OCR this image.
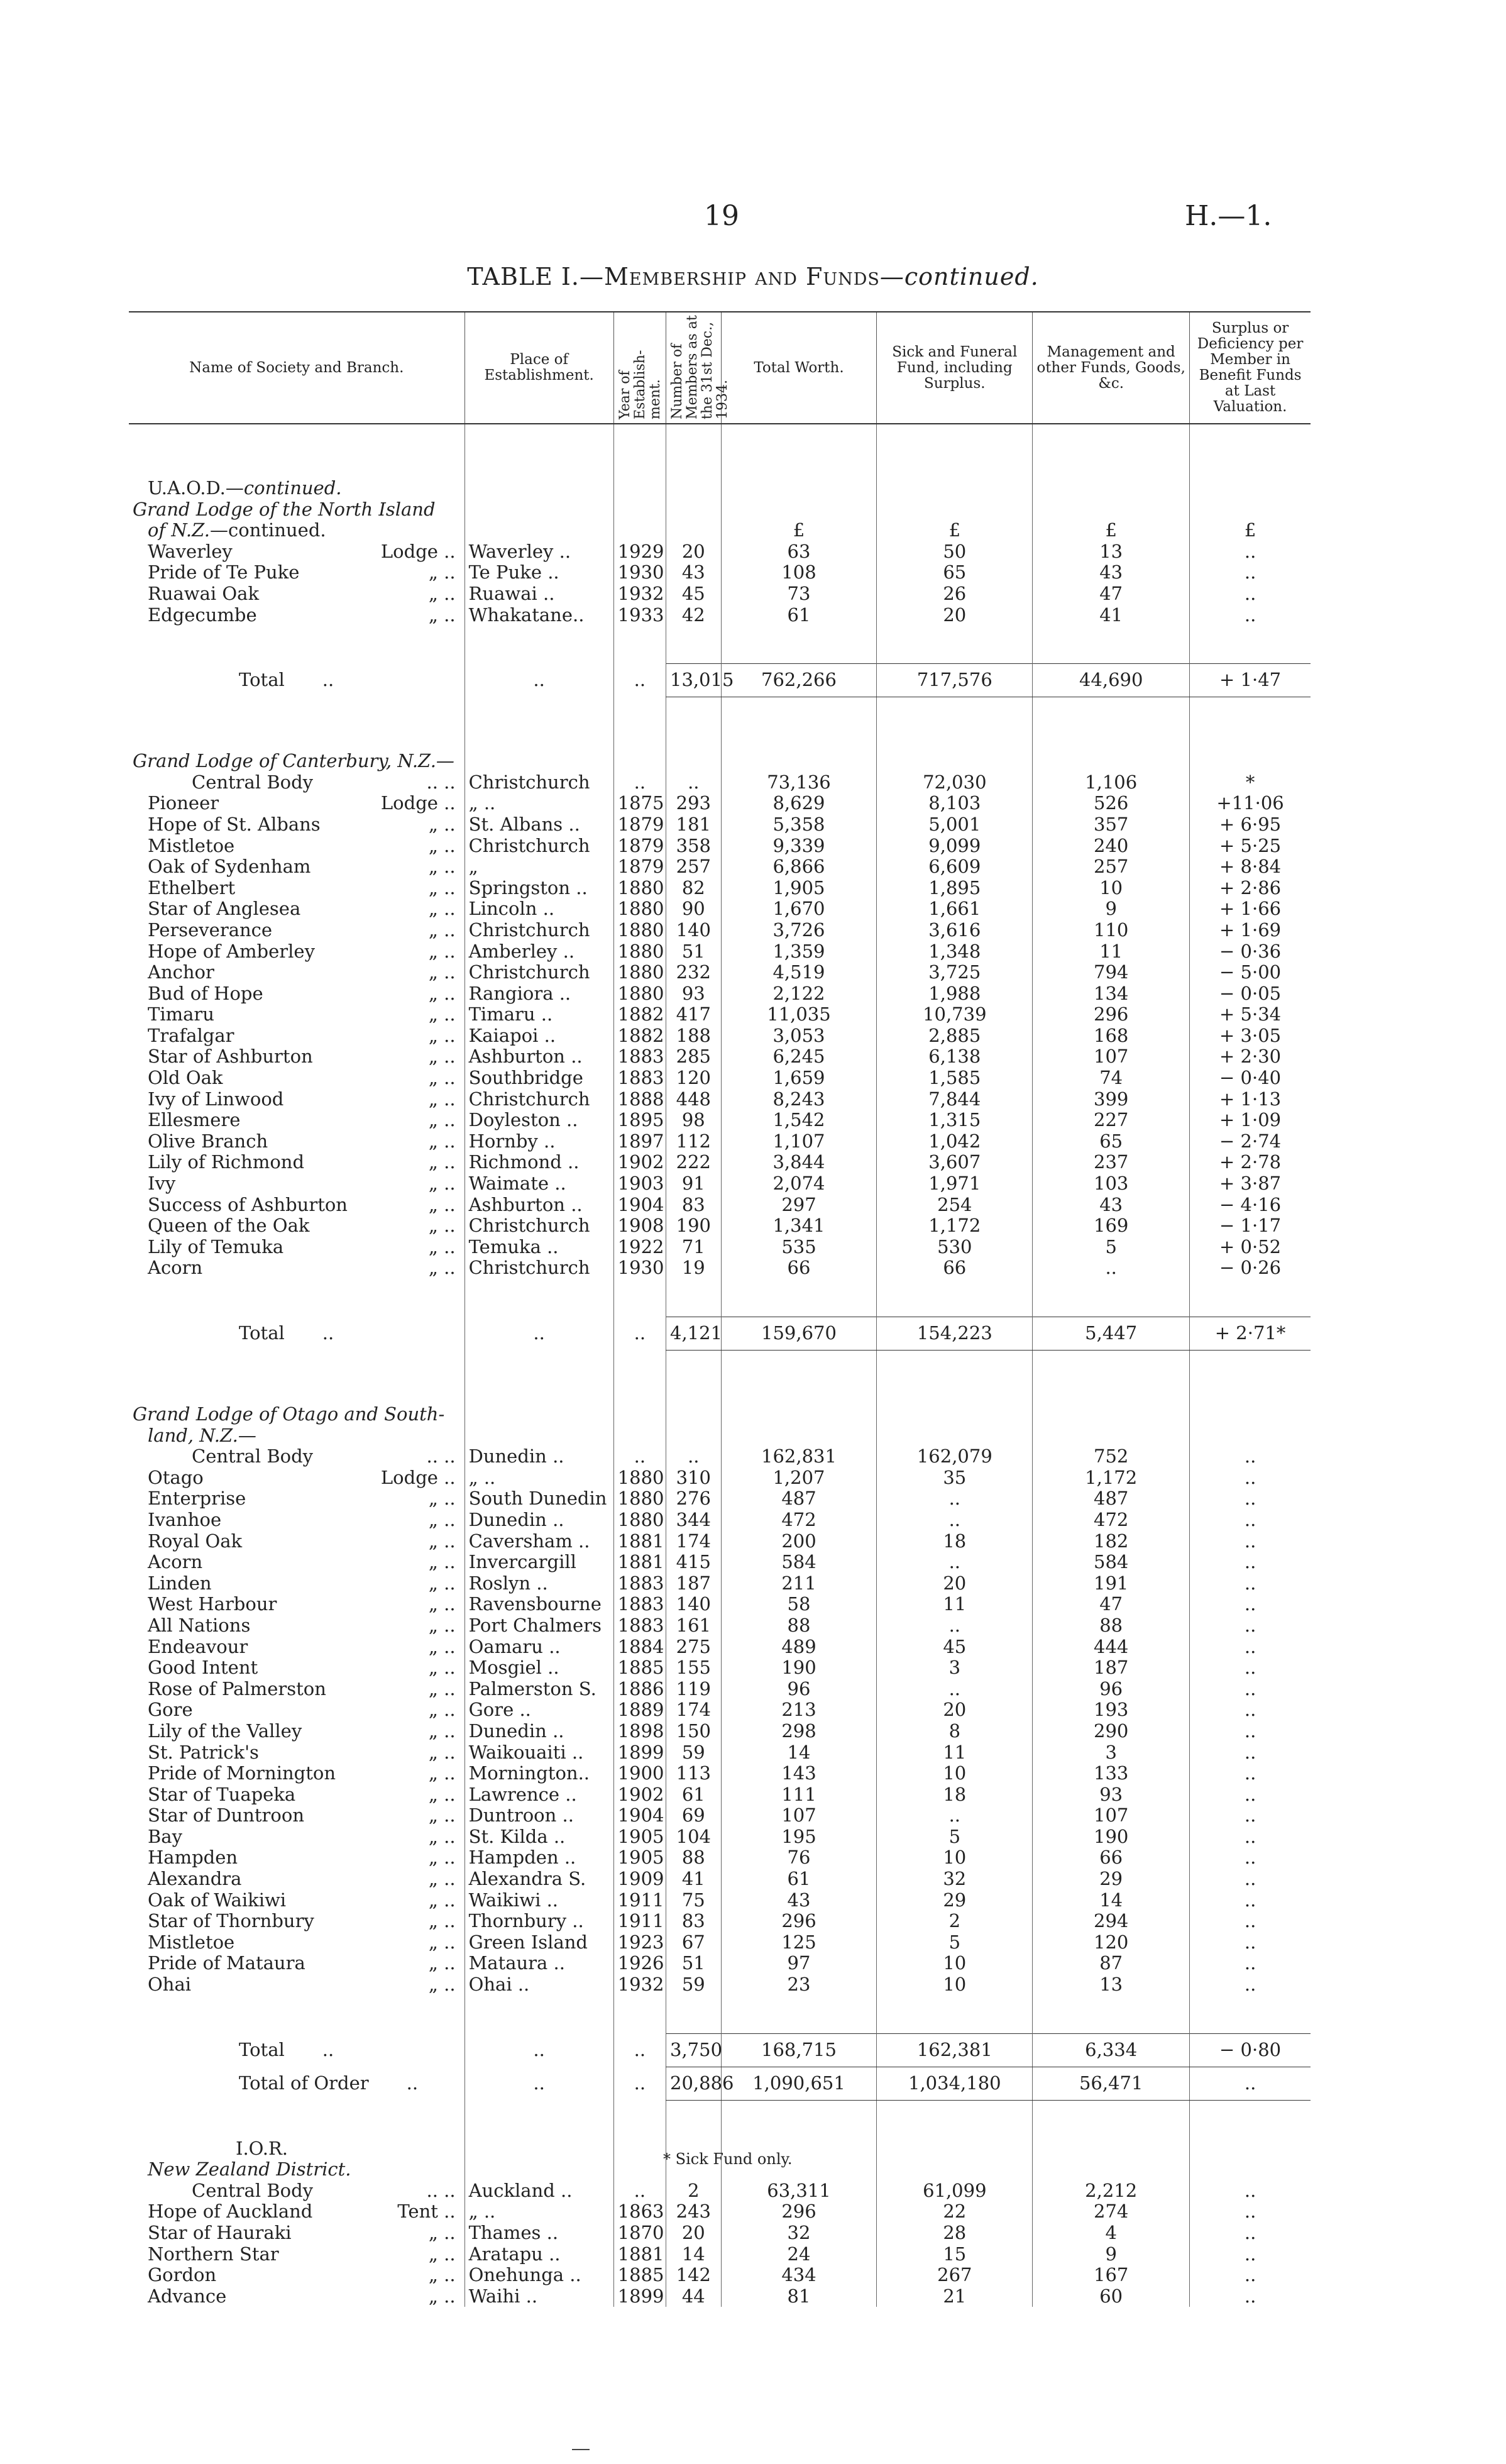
19	H.—1.
TABLE I.—Membership and Funds—continued.
Name of Society and Branch.	Place of Establishment.	Year of Establish-ment.	Number of Members as at the 31st Dec., 1934.	Total Worth.	Sick and Funeral Fund, including Surplus.	Management and other Funds, Goods, &c.	Surplus or Deficiency per Member in Benefit Funds at Last Valuation.

U.A.O.D.—continued.							
Grand Lodge of the North Island							
of N.Z.—continued.				£	£	£	£

Waverley Lodge ..	Waverley ..	1929	20	63	50	13	..

Pride of Te Puke „ ..	Te Puke ..	1930	43	108	65	43	..

Ruawai Oak „ ..	Ruawai ..	1932	45	73	26	47	..

Edgecumbe „ ..	Whakatane..	1933	42	61	20	41	..

Total ..	..	..	13,015	762,266	717,576	44,690	+ 1·47

Grand Lodge of Canterbury, N.Z.—							

Central Body .. ..	Christchurch	..	..	73,136	72,030	1,106	*

Pioneer Lodge ..	„ ..	1875	293	8,629	8,103	526	+11·06

Hope of St. Albans „ ..	St. Albans ..	1879	181	5,358	5,001	357	+ 6·95

Mistletoe „ ..	Christchurch	1879	358	9,339	9,099	240	+ 5·25

Oak of Sydenham „ ..	„	1879	257	6,866	6,609	257	+ 8·84

Ethelbert „ ..	Springston ..	1880	82	1,905	1,895	10	+ 2·86

Star of Anglesea „ ..	Lincoln ..	1880	90	1,670	1,661	9	+ 1·66

Perseverance „ ..	Christchurch	1880	140	3,726	3,616	110	+ 1·69

Hope of Amberley „ ..	Amberley ..	1880	51	1,359	1,348	11	− 0·36

Anchor „ ..	Christchurch	1880	232	4,519	3,725	794	− 5·00

Bud of Hope „ ..	Rangiora ..	1880	93	2,122	1,988	134	− 0·05

Timaru „ ..	Timaru ..	1882	417	11,035	10,739	296	+ 5·34

Trafalgar „ ..	Kaiapoi ..	1882	188	3,053	2,885	168	+ 3·05

Star of Ashburton „ ..	Ashburton ..	1883	285	6,245	6,138	107	+ 2·30

Old Oak „ ..	Southbridge	1883	120	1,659	1,585	74	− 0·40

Ivy of Linwood „ ..	Christchurch	1888	448	8,243	7,844	399	+ 1·13

Ellesmere „ ..	Doyleston ..	1895	98	1,542	1,315	227	+ 1·09

Olive Branch „ ..	Hornby ..	1897	112	1,107	1,042	65	− 2·74

Lily of Richmond „ ..	Richmond ..	1902	222	3,844	3,607	237	+ 2·78

Ivy „ ..	Waimate ..	1903	91	2,074	1,971	103	+ 3·87

Success of Ashburton „ ..	Ashburton ..	1904	83	297	254	43	− 4·16

Queen of the Oak „ ..	Christchurch	1908	190	1,341	1,172	169	− 1·17

Lily of Temuka „ ..	Temuka ..	1922	71	535	530	5	+ 0·52

Acorn „ ..	Christchurch	1930	19	66	66	..	− 0·26

Total ..	..	..	4,121	159,670	154,223	5,447	+ 2·71*

Grand Lodge of Otago and South-							
land, N.Z.—							

Central Body .. ..	Dunedin ..	..	..	162,831	162,079	752	..

Otago Lodge ..	„ ..	1880	310	1,207	35	1,172	..

Enterprise „ ..	South Dunedin	1880	276	487	..	487	..

Ivanhoe „ ..	Dunedin ..	1880	344	472	..	472	..

Royal Oak „ ..	Caversham ..	1881	174	200	18	182	..

Acorn „ ..	Invercargill	1881	415	584	..	584	..

Linden „ ..	Roslyn ..	1883	187	211	20	191	..

West Harbour „ ..	Ravensbourne	1883	140	58	11	47	..

All Nations „ ..	Port Chalmers	1883	161	88	..	88	..

Endeavour „ ..	Oamaru ..	1884	275	489	45	444	..

Good Intent „ ..	Mosgiel ..	1885	155	190	3	187	..

Rose of Palmerston „ ..	Palmerston S.	1886	119	96	..	96	..

Gore „ ..	Gore ..	1889	174	213	20	193	..

Lily of the Valley „ ..	Dunedin ..	1898	150	298	8	290	..

St. Patrick's „ ..	Waikouaiti ..	1899	59	14	11	3	..

Pride of Mornington „ ..	Mornington..	1900	113	143	10	133	..

Star of Tuapeka „ ..	Lawrence ..	1902	61	111	18	93	..

Star of Duntroon „ ..	Duntroon ..	1904	69	107	..	107	..

Bay „ ..	St. Kilda ..	1905	104	195	5	190	..

Hampden „ ..	Hampden ..	1905	88	76	10	66	..

Alexandra „ ..	Alexandra S.	1909	41	61	32	29	..

Oak of Waikiwi „ ..	Waikiwi ..	1911	75	43	29	14	..

Star of Thornbury „ ..	Thornbury ..	1911	83	296	2	294	..

Mistletoe „ ..	Green Island	1923	67	125	5	120	..

Pride of Mataura „ ..	Mataura ..	1926	51	97	10	87	..

Ohai „ ..	Ohai ..	1932	59	23	10	13	..

Total ..	..	..	3,750	168,715	162,381	6,334	− 0·80
Total of Order ..	..	..	20,886	1,090,651	1,034,180	56,471	..

I.O.R.							
New Zealand District.							

Central Body .. ..	Auckland ..	..	2	63,311	61,099	2,212	..

Hope of Auckland Tent ..	„ ..	1863	243	296	22	274	..

Star of Hauraki „ ..	Thames ..	1870	20	32	28	4	..

Northern Star „ ..	Aratapu ..	1881	14	24	15	9	..

Gordon „ ..	Onehunga ..	1885	142	434	267	167	..

Advance „ ..	Waihi ..	1899	44	81	21	60	..
* Sick Fund only.
